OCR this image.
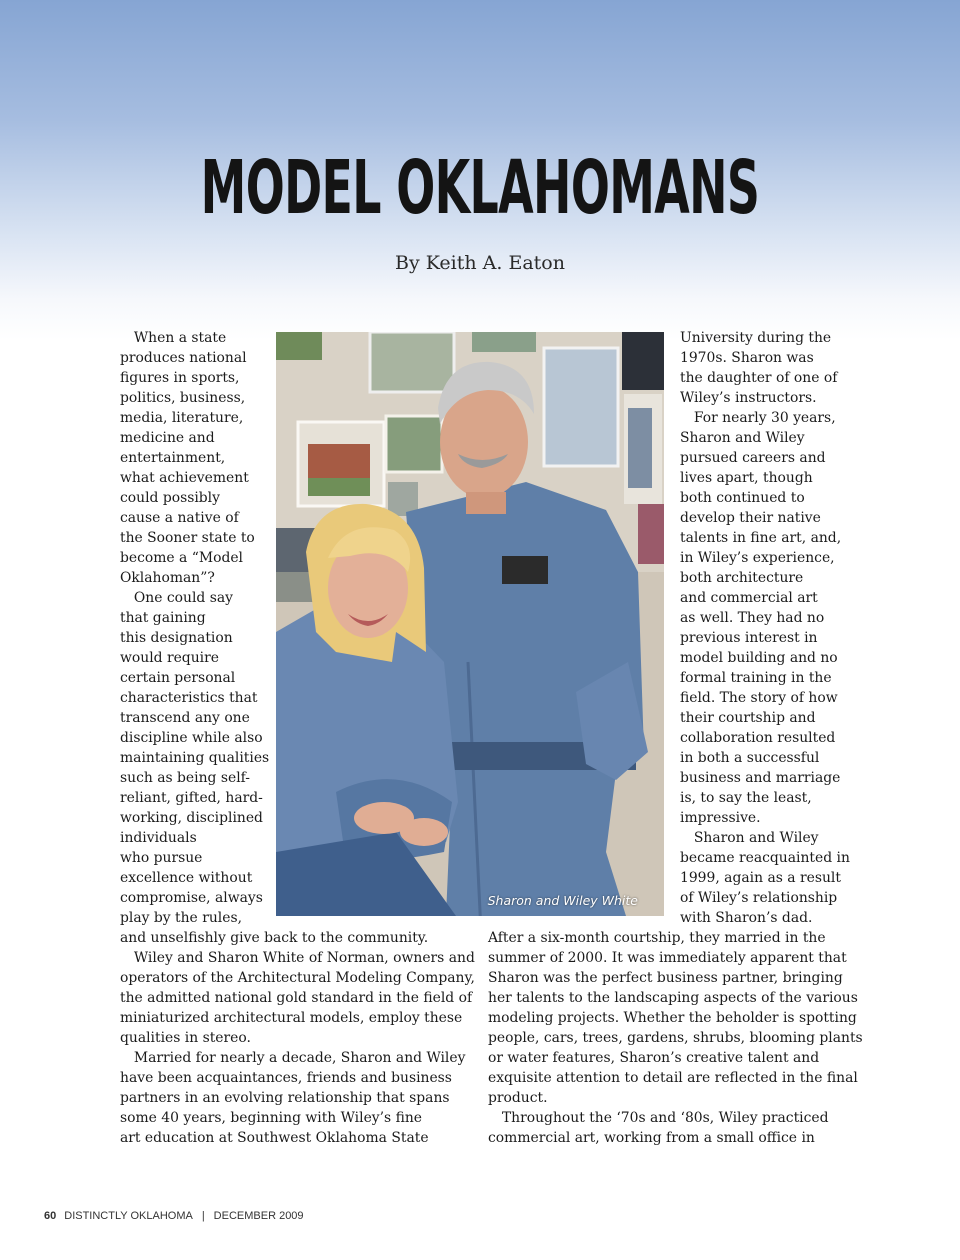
MODEL OKLAHOMANS
By Keith A. Eaton
 When a state
produces national
figures in sports,
politics, business,
media, literature,
medicine and
entertainment,
what achievement
could possibly
cause a native of
the Sooner state to
become a “Model
Oklahoman”?
 One could say
that gaining
this designation
would require
certain personal
characteristics that
transcend any one
discipline while also
maintaining qualities
such as being self-
reliant, gifted, hard-
working, disciplined
individuals
who pursue
excellence without
compromise, always
play by the rules,
and unselfishly give back to the community.
 Wiley and Sharon White of Norman, owners and
operators of the Architectural Modeling Company,
the admitted national gold standard in the field of
miniaturized architectural models, employ these
qualities in stereo.
 Married for nearly a decade, Sharon and Wiley
have been acquaintances, friends and business
partners in an evolving relationship that spans
some 40 years, beginning with Wiley’s fine
art education at Southwest Oklahoma State
University during the
1970s. Sharon was
the daughter of one of
Wiley’s instructors.
 For nearly 30 years,
Sharon and Wiley
pursued careers and
lives apart, though
both continued to
develop their native
talents in fine art, and,
in Wiley’s experience,
both architecture
and commercial art
as well. They had no
previous interest in
model building and no
formal training in the
field. The story of how
their courtship and
collaboration resulted
in both a successful
business and marriage
is, to say the least,
impressive.
 Sharon and Wiley
became reacquainted in
1999, again as a result
of Wiley’s relationship
with Sharon’s dad.
After a six-month courtship, they married in the
summer of 2000. It was immediately apparent that
Sharon was the perfect business partner, bringing
her talents to the landscaping aspects of the various
modeling projects. Whether the beholder is spotting
people, cars, trees, gardens, shrubs, blooming plants
or water features, Sharon’s creative talent and
exquisite attention to detail are reflected in the final
product.
 Throughout the ‘70s and ‘80s, Wiley practiced
commercial art, working from a small office in
Sharon and Wiley White
60 DISTINCTLY OKLAHOMA | DECEMBER 2009
